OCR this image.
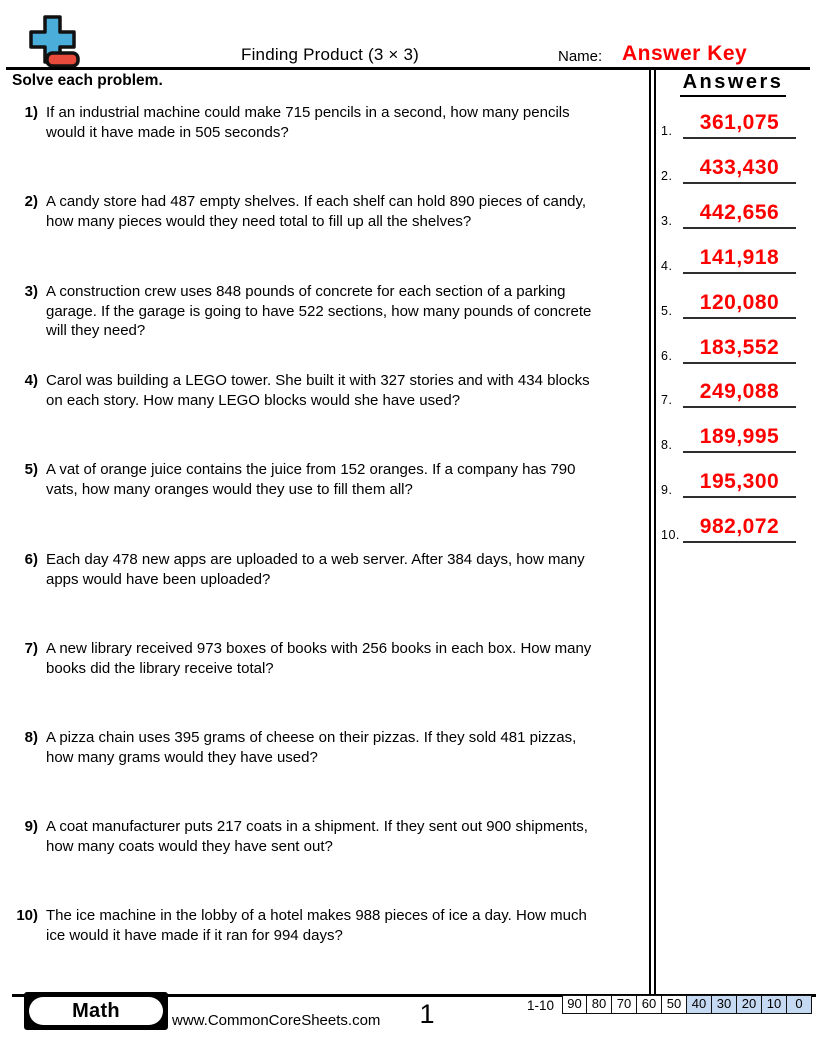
Finding Product (3 × 3)	Name: Answer Key
Solve each problem.
1) If an industrial machine could make 715 pencils in a second, how many pencils
would it have made in 505 seconds?
2) A candy store had 487 empty shelves. If each shelf can hold 890 pieces of candy,
how many pieces would they need total to fill up all the shelves?
3) A construction crew uses 848 pounds of concrete for each section of a parking
garage. If the garage is going to have 522 sections, how many pounds of concrete
will they need?
4) Carol was building a LEGO tower. She built it with 327 stories and with 434 blocks
on each story. How many LEGO blocks would she have used?
5) A vat of orange juice contains the juice from 152 oranges. If a company has 790
vats, how many oranges would they use to fill them all?
6) Each day 478 new apps are uploaded to a web server. After 384 days, how many
apps would have been uploaded?
7) A new library received 973 boxes of books with 256 books in each box. How many
books did the library receive total?
8) A pizza chain uses 395 grams of cheese on their pizzas. If they sold 481 pizzas,
how many grams would they have used?
9) A coat manufacturer puts 217 coats in a shipment. If they sent out 900 shipments,
how many coats would they have sent out?
10) The ice machine in the lobby of a hotel makes 988 pieces of ice a day. How much
ice would it have made if it ran for 994 days?
Answers
1.	361,075
2.	433,430
3.	442,656
4.	141,918
5.	120,080
6.	183,552
7.	249,088
8.	189,995
9.	195,300
10. 982,072
Math	www.CommonCoreSheets.com	1	1-10	90 80 70 60 50 40 30 20 10	0
